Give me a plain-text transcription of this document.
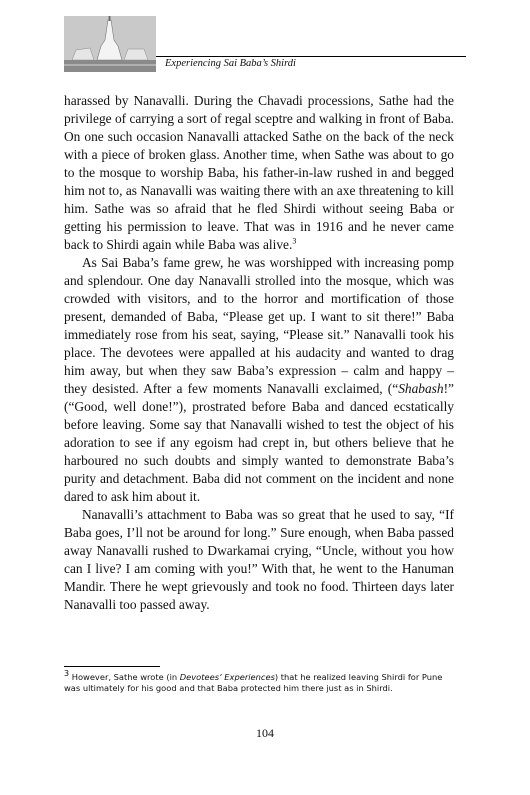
Experiencing Sai Baba’s Shirdi

harassed by Nanavalli. During the Chavadi processions, Sathe had the privilege of carrying a sort of regal sceptre and walking in front of Baba. On one such occasion Nanavalli attacked Sathe on the back of the neck with a piece of broken glass. Another time, when Sathe was about to go to the mosque to worship Baba, his father-in-law rushed in and begged him not to, as Nanavalli was waiting there with an axe threatening to kill him. Sathe was so afraid that he fled Shirdi without seeing Baba or getting his permission to leave. That was in 1916 and he never came back to Shirdi again while Baba was alive.$^3$

As Sai Baba’s fame grew, he was worshipped with increasing pomp and splendour. One day Nanavalli strolled into the mosque, which was crowded with visitors, and to the horror and mortification of those present, demanded of Baba, “Please get up. I want to sit there!” Baba immediately rose from his seat, saying, “Please sit.” Nanavalli took his place. The devotees were appalled at his audacity and wanted to drag him away, but when they saw Baba’s expression – calm and happy – they desisted. After a few moments Nanavalli exclaimed, (“Shabash!” (“Good, well done!”), prostrated before Baba and danced ecstatically before leaving. Some say that Nanavalli wished to test the object of his adoration to see if any egoism had crept in, but others believe that he harboured no such doubts and simply wanted to demonstrate Baba’s purity and detachment. Baba did not comment on the incident and none dared to ask him about it.

Nanavalli’s attachment to Baba was so great that he used to say, “If Baba goes, I’ll not be around for long.” Sure enough, when Baba passed away Nanavalli rushed to Dwarkamai crying, “Uncle, without you how can I live? I am coming with you!” With that, he went to the Hanuman Mandir. There he wept grievously and took no food. Thirteen days later Nanavalli too passed away.

$^3$ However, Sathe wrote (in Devotees’ Experiences) that he realized leaving Shirdi for Pune was ultimately for his good and that Baba protected him there just as in Shirdi.
104
